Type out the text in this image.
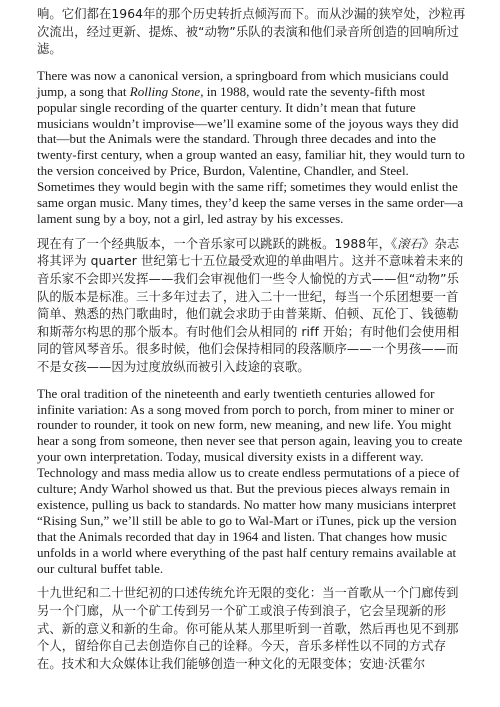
响。它们都在1964年的那个历史转折点倾泻而下。而从沙漏的狭窄处，沙粒再次流出，经过更新、提炼、被“动物”乐队的表演和他们录音所创造的回响所过滤。

There was now a canonical version, a springboard from which musicians could jump, a song that Rolling Stone, in 1988, would rate the seventy-fifth most popular single recording of the quarter century. It didn’t mean that future musicians wouldn’t improvise—we’ll examine some of the joyous ways they did that—but the Animals were the standard. Through three decades and into the twenty-first century, when a group wanted an easy, familiar hit, they would turn to the version conceived by Price, Burdon, Valentine, Chandler, and Steel. Sometimes they would begin with the same riff; sometimes they would enlist the same organ music. Many times, they’d keep the same verses in the same order—a lament sung by a boy, not a girl, led astray by his excesses.

现在有了一个经典版本，一个音乐家可以跳跃的跳板。1988年，《滚石》杂志将其评为 quarter 世纪第七十五位最受欢迎的单曲唱片。这并不意味着未来的音乐家不会即兴发挥——我们会审视他们一些令人愉悦的方式——但“动物”乐队的版本是标准。三十多年过去了，进入二十一世纪，每当一个乐团想要一首简单、熟悉的热门歌曲时，他们就会求助于由普莱斯、伯顿、瓦伦丁、钱德勒和斯蒂尔构思的那个版本。有时他们会从相同的 riff 开始；有时他们会使用相同的管风琴音乐。很多时候，他们会保持相同的段落顺序——一个男孩——而不是女孩——因为过度放纵而被引入歧途的哀歌。

The oral tradition of the nineteenth and early twentieth centuries allowed for infinite variation: As a song moved from porch to porch, from miner to miner or rounder to rounder, it took on new form, new meaning, and new life. You might hear a song from someone, then never see that person again, leaving you to create your own interpretation. Today, musical diversity exists in a different way. Technology and mass media allow us to create endless permutations of a piece of culture; Andy Warhol showed us that. But the previous pieces always remain in existence, pulling us back to standards. No matter how many musicians interpret “Rising Sun,” we’ll still be able to go to Wal-Mart or iTunes, pick up the version that the Animals recorded that day in 1964 and listen. That changes how music unfolds in a world where everything of the past half century remains available at our cultural buffet table.

十九世纪和二十世纪初的口述传统允许无限的变化：当一首歌从一个门廊传到另一个门廊，从一个矿工传到另一个矿工或浪子传到浪子，它会呈现新的形式、新的意义和新的生命。你可能从某人那里听到一首歌，然后再也见不到那个人，留给你自己去创造你自己的诠释。今天，音乐多样性以不同的方式存在。技术和大众媒体让我们能够创造一种文化的无限变体；安迪·沃霍尔
